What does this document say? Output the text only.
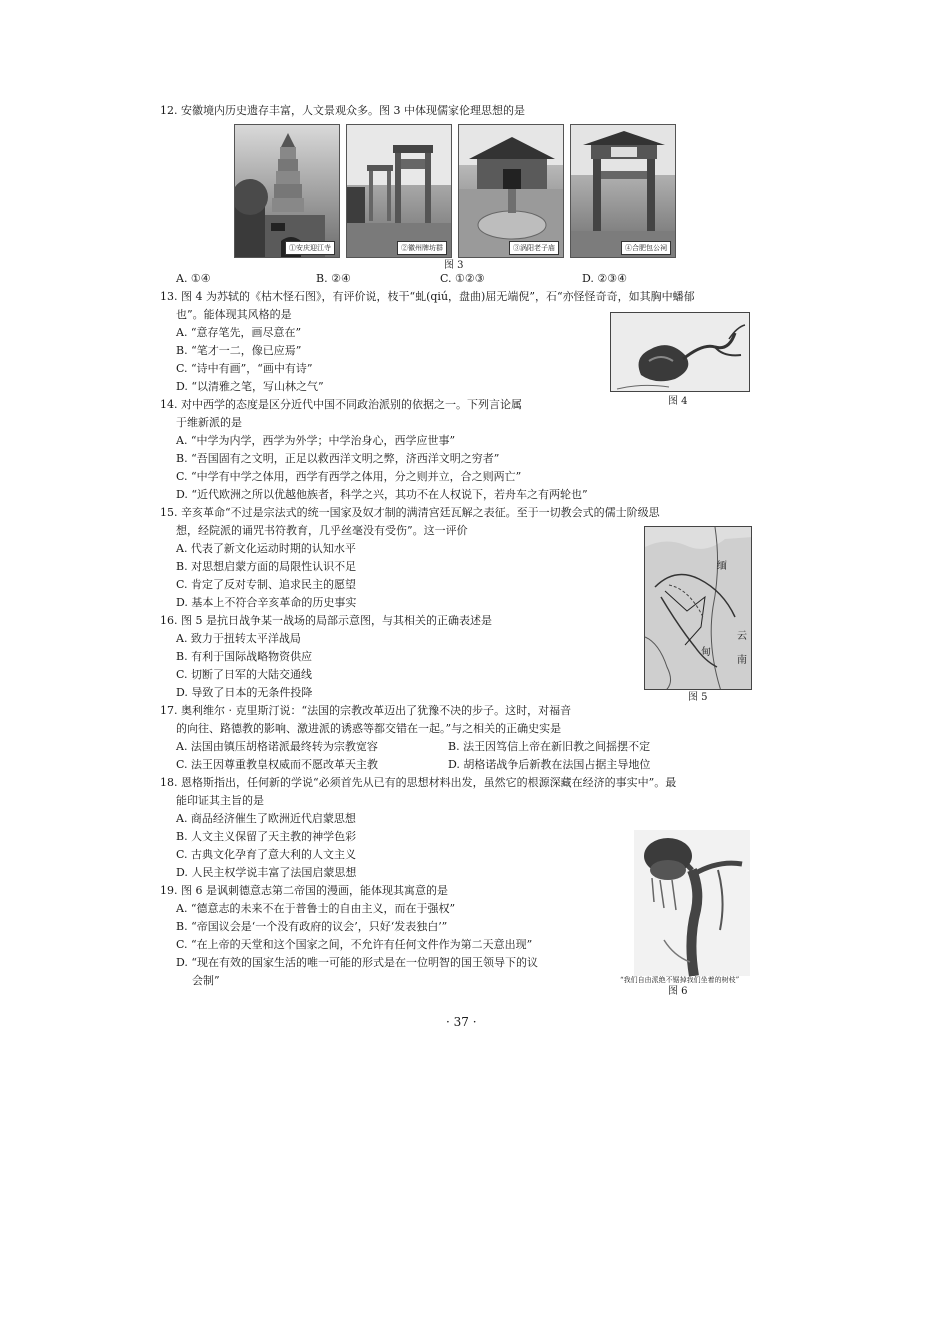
12. 安徽境内历史遗存丰富，人文景观众多。图 3 中体现儒家伦理思想的是
①安庆迎江寺	②徽州牌坊群	③涡阳老子庙	④合肥包公祠
图 3
A. ①④	B. ②④	C. ①②③	D. ②③④
13. 图 4 为苏轼的《枯木怪石图》，有评价说，枝干“虬(qiú，盘曲)屈无端倪”，石“亦怪怪奇奇，如其胸中蟠郁
也”。能体现其风格的是
A. “意存笔先，画尽意在”
B. “笔才一二，像已应焉”
C. “诗中有画”，“画中有诗”
D. “以清雅之笔，写山林之气”
图 4
14. 对中西学的态度是区分近代中国不同政治派别的依据之一。下列言论属
于维新派的是
A. “中学为内学，西学为外学；中学治身心，西学应世事”
B. “吾国固有之文明，正足以救西洋文明之弊，济西洋文明之穷者”
C. “中学有中学之体用，西学有西学之体用，分之则并立，合之则两亡”
D. “近代欧洲之所以优越他族者，科学之兴，其功不在人权说下，若舟车之有两轮也”
15. 辛亥革命“不过是宗法式的统一国家及奴才制的满清宫廷瓦解之表征。至于一切教会式的儒士阶级思
想，经院派的诵咒书符教育，几乎丝毫没有受伤”。这一评价
A. 代表了新文化运动时期的认知水平
B. 对思想启蒙方面的局限性认识不足
C. 肯定了反对专制、追求民主的愿望
D. 基本上不符合辛亥革命的历史事实
缅
云
南
甸
图 5
16. 图 5 是抗日战争某一战场的局部示意图，与其相关的正确表述是
A. 致力于扭转太平洋战局
B. 有利于国际战略物资供应
C. 切断了日军的大陆交通线
D. 导致了日本的无条件投降
17. 奥利维尔 · 克里斯汀说：“法国的宗教改革迈出了犹豫不决的步子。这时，对福音
的向往、路德教的影响、激进派的诱惑等都交错在一起。”与之相关的正确史实是
A. 法国由镇压胡格诺派最终转为宗教宽容	B. 法王因笃信上帝在新旧教之间摇摆不定
C. 法王因尊重教皇权威而不愿改革天主教	D. 胡格诺战争后新教在法国占据主导地位
18. 恩格斯指出，任何新的学说“必须首先从已有的思想材料出发，虽然它的根源深藏在经济的事实中”。最
能印证其主旨的是
A. 商品经济催生了欧洲近代启蒙思想
B. 人文主义保留了天主教的神学色彩
C. 古典文化孕育了意大利的人文主义
D. 人民主权学说丰富了法国启蒙思想
19. 图 6 是讽刺德意志第二帝国的漫画，能体现其寓意的是
A. “德意志的未来不在于普鲁士的自由主义，而在于强权”
B. “帝国议会是‘一个没有政府的议会’，只好‘发表独白’”
C. “在上帝的天堂和这个国家之间，不允许有任何文件作为第二天意出现”
D. “现在有效的国家生活的唯一可能的形式是在一位明智的国王领导下的议
会制”	“我们自由派绝不锯掉我们坐着的树枝”
图 6
· 37 ·
